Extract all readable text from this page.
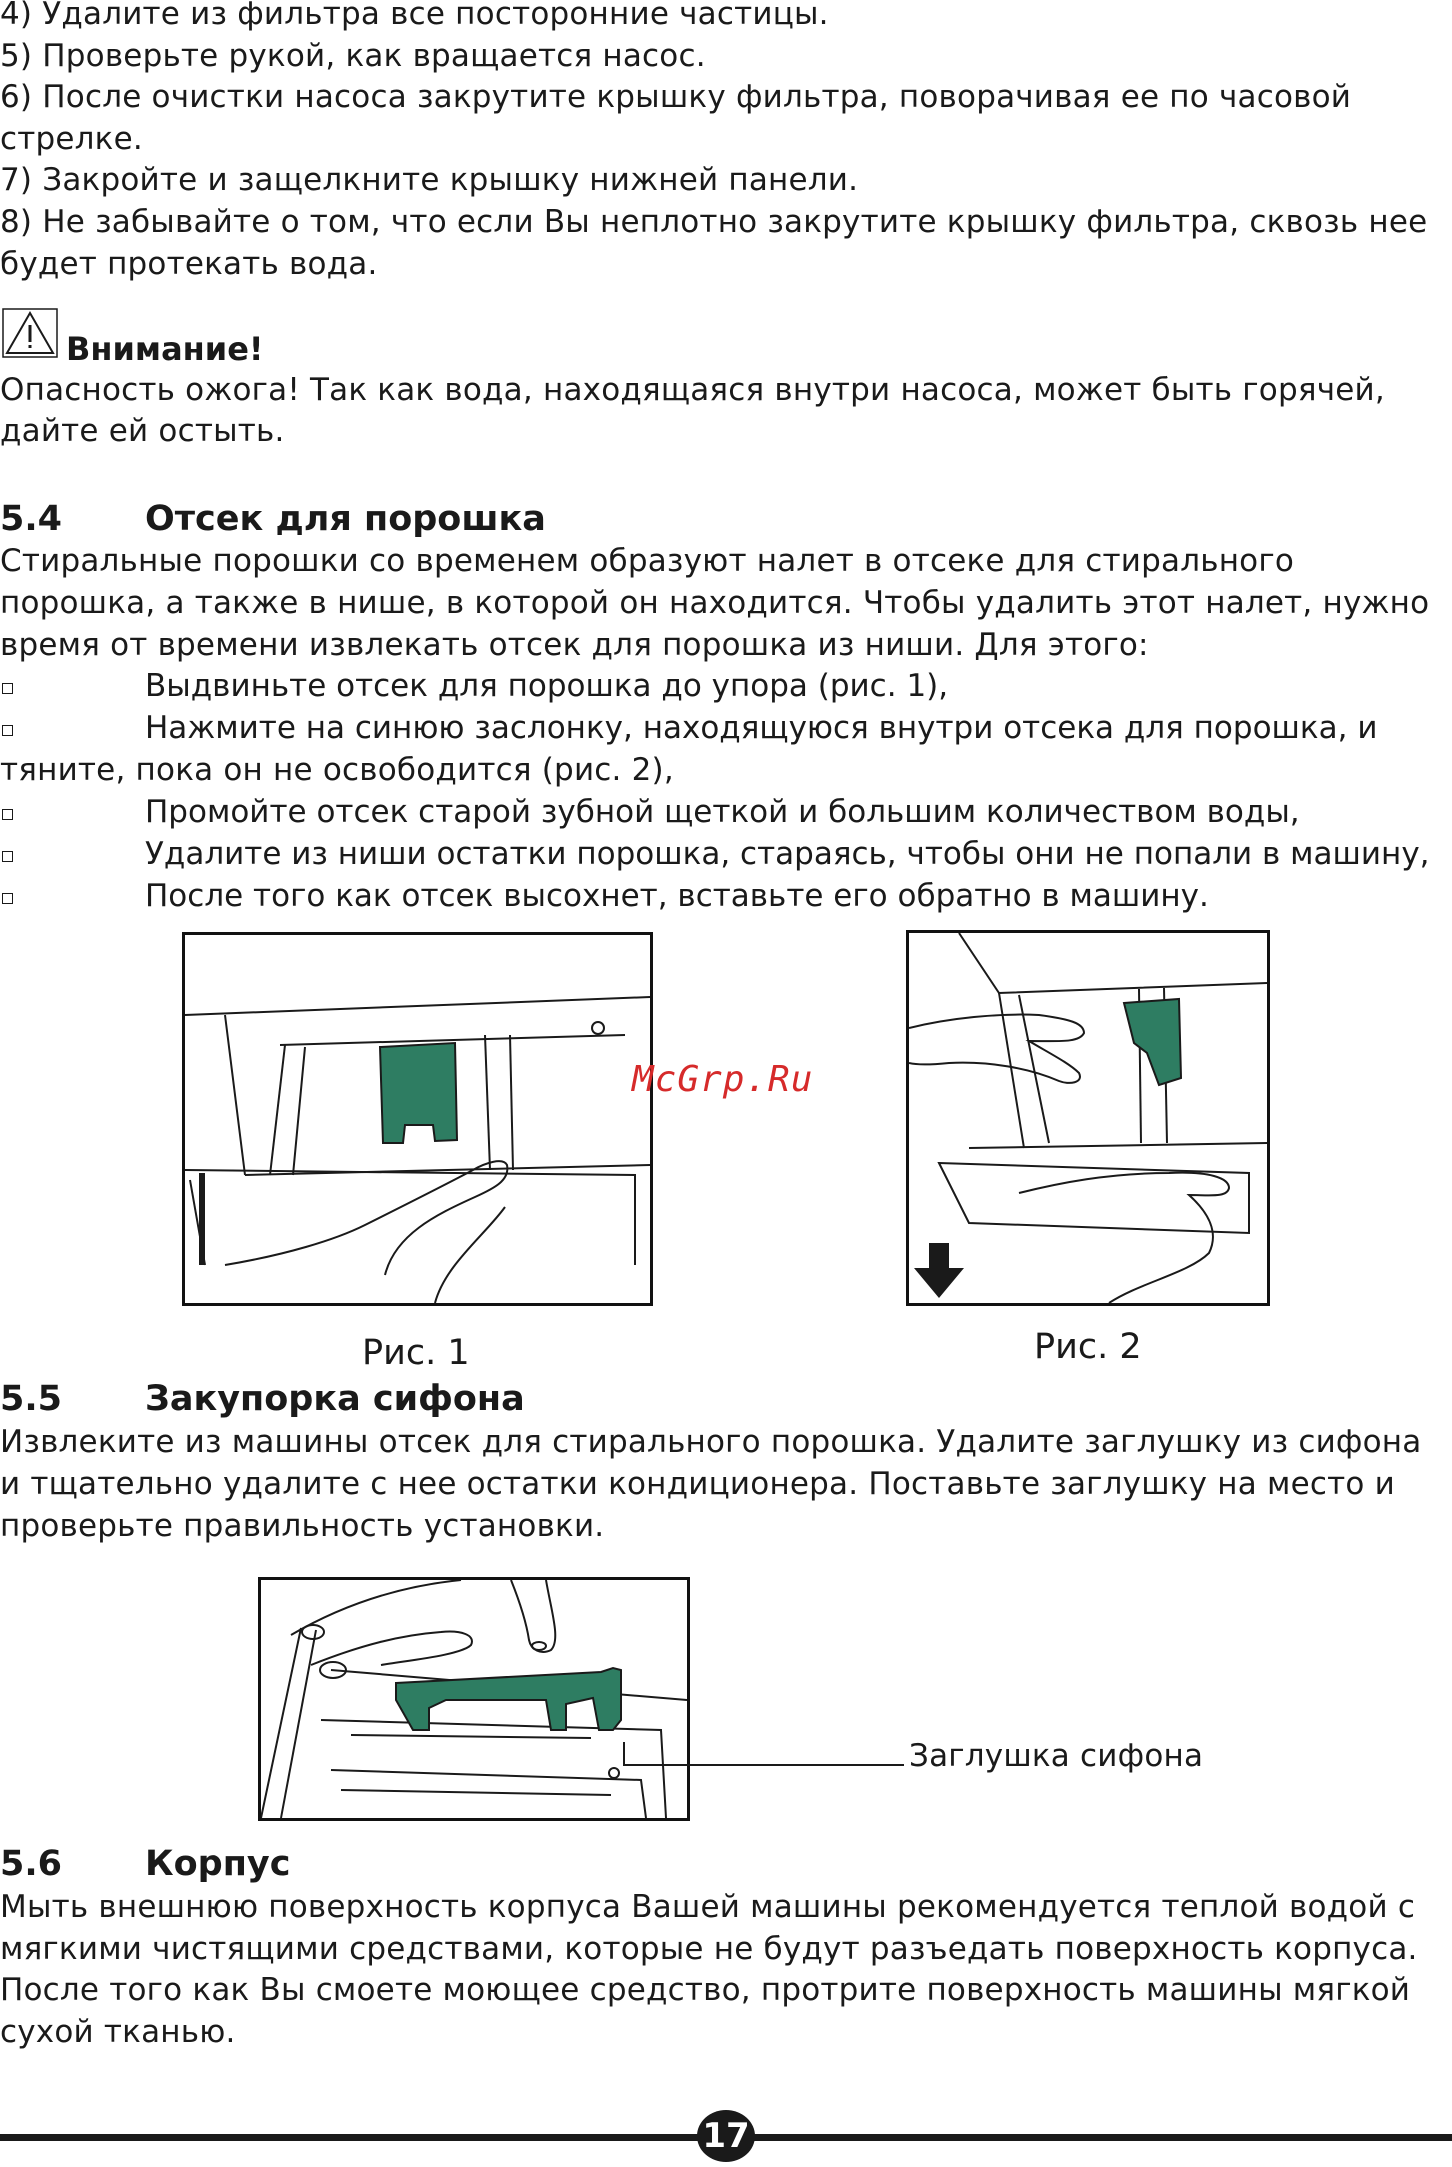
4) Удалите из фильтра все посторонние частицы.
5) Проверьте рукой, как вращается насос.
6) После очистки насоса закрутите крышку фильтра, поворачивая ее по часовой
стрелке.
7) Закройте и защелкните крышку нижней панели.
8) Не забывайте о том, что если Вы неплотно закрутите крышку фильтра, сквозь нее
будет протекать вода.
Внимание!
Опасность ожога! Так как вода, находящаяся внутри насоса, может быть горячей,
дайте ей остыть.
5.4 Отсек для порошка
Стиральные порошки со временем образуют налет в отсеке для стирального
порошка, а также в нише, в которой он находится. Чтобы удалить этот налет, нужно
время от времени извлекать отсек для порошка из ниши. Для этого:
Выдвиньте отсек для порошка до упора (рис. 1),
Нажмите на синюю заслонку, находящуюся внутри отсека для порошка, и
тяните, пока он не освободится (рис. 2),
Промойте отсек старой зубной щеткой и большим количеством воды,
Удалите из ниши остатки порошка, стараясь, чтобы они не попали в машину,
После того как отсек высохнет, вставьте его обратно в машину.
Рис. 1	Рис. 2
McGrp.Ru
5.5 Закупорка сифона
Извлеките из машины отсек для стирального порошка. Удалите заглушку из сифона
и тщательно удалите с нее остатки кондиционера. Поставьте заглушку на место и
проверьте правильность установки.
Заглушка сифона
5.6 Корпус
Мыть внешнюю поверхность корпуса Вашей машины рекомендуется теплой водой с
мягкими чистящими средствами, которые не будут разъедать поверхность корпуса.
После того как Вы смоете моющее средство, протрите поверхность машины мягкой
сухой тканью.
17
